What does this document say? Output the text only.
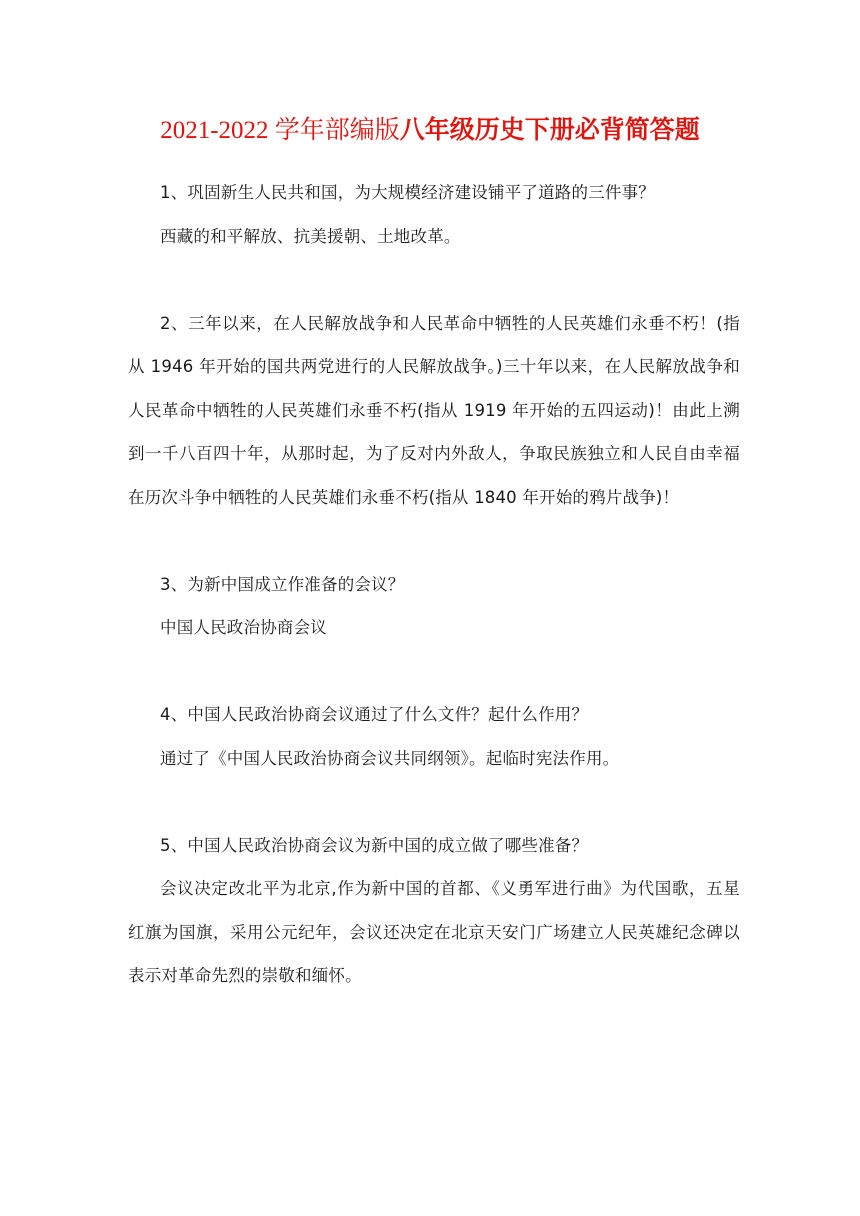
2021-2022 学年部编版八年级历史下册必背简答题

1、巩固新生人民共和国，为大规模经济建设铺平了道路的三件事？

西藏的和平解放、抗美援朝、土地改革。

2、三年以来，在人民解放战争和人民革命中牺牲的人民英雄们永垂不朽！(指从 1946 年开始的国共两党进行的人民解放战争。)三十年以来，在人民解放战争和人民革命中牺牲的人民英雄们永垂不朽(指从 1919 年开始的五四运动)！由此上溯到一千八百四十年，从那时起，为了反对内外敌人，争取民族独立和人民自由幸福在历次斗争中牺牲的人民英雄们永垂不朽(指从 1840 年开始的鸦片战争)！

3、为新中国成立作准备的会议？

中国人民政治协商会议

4、中国人民政治协商会议通过了什么文件？起什么作用？

通过了《中国人民政治协商会议共同纲领》。起临时宪法作用。

5、中国人民政治协商会议为新中国的成立做了哪些准备？

会议决定改北平为北京,作为新中国的首都、《义勇军进行曲》为代国歌，五星红旗为国旗，采用公元纪年，会议还决定在北京天安门广场建立人民英雄纪念碑以表示对革命先烈的崇敬和缅怀。
